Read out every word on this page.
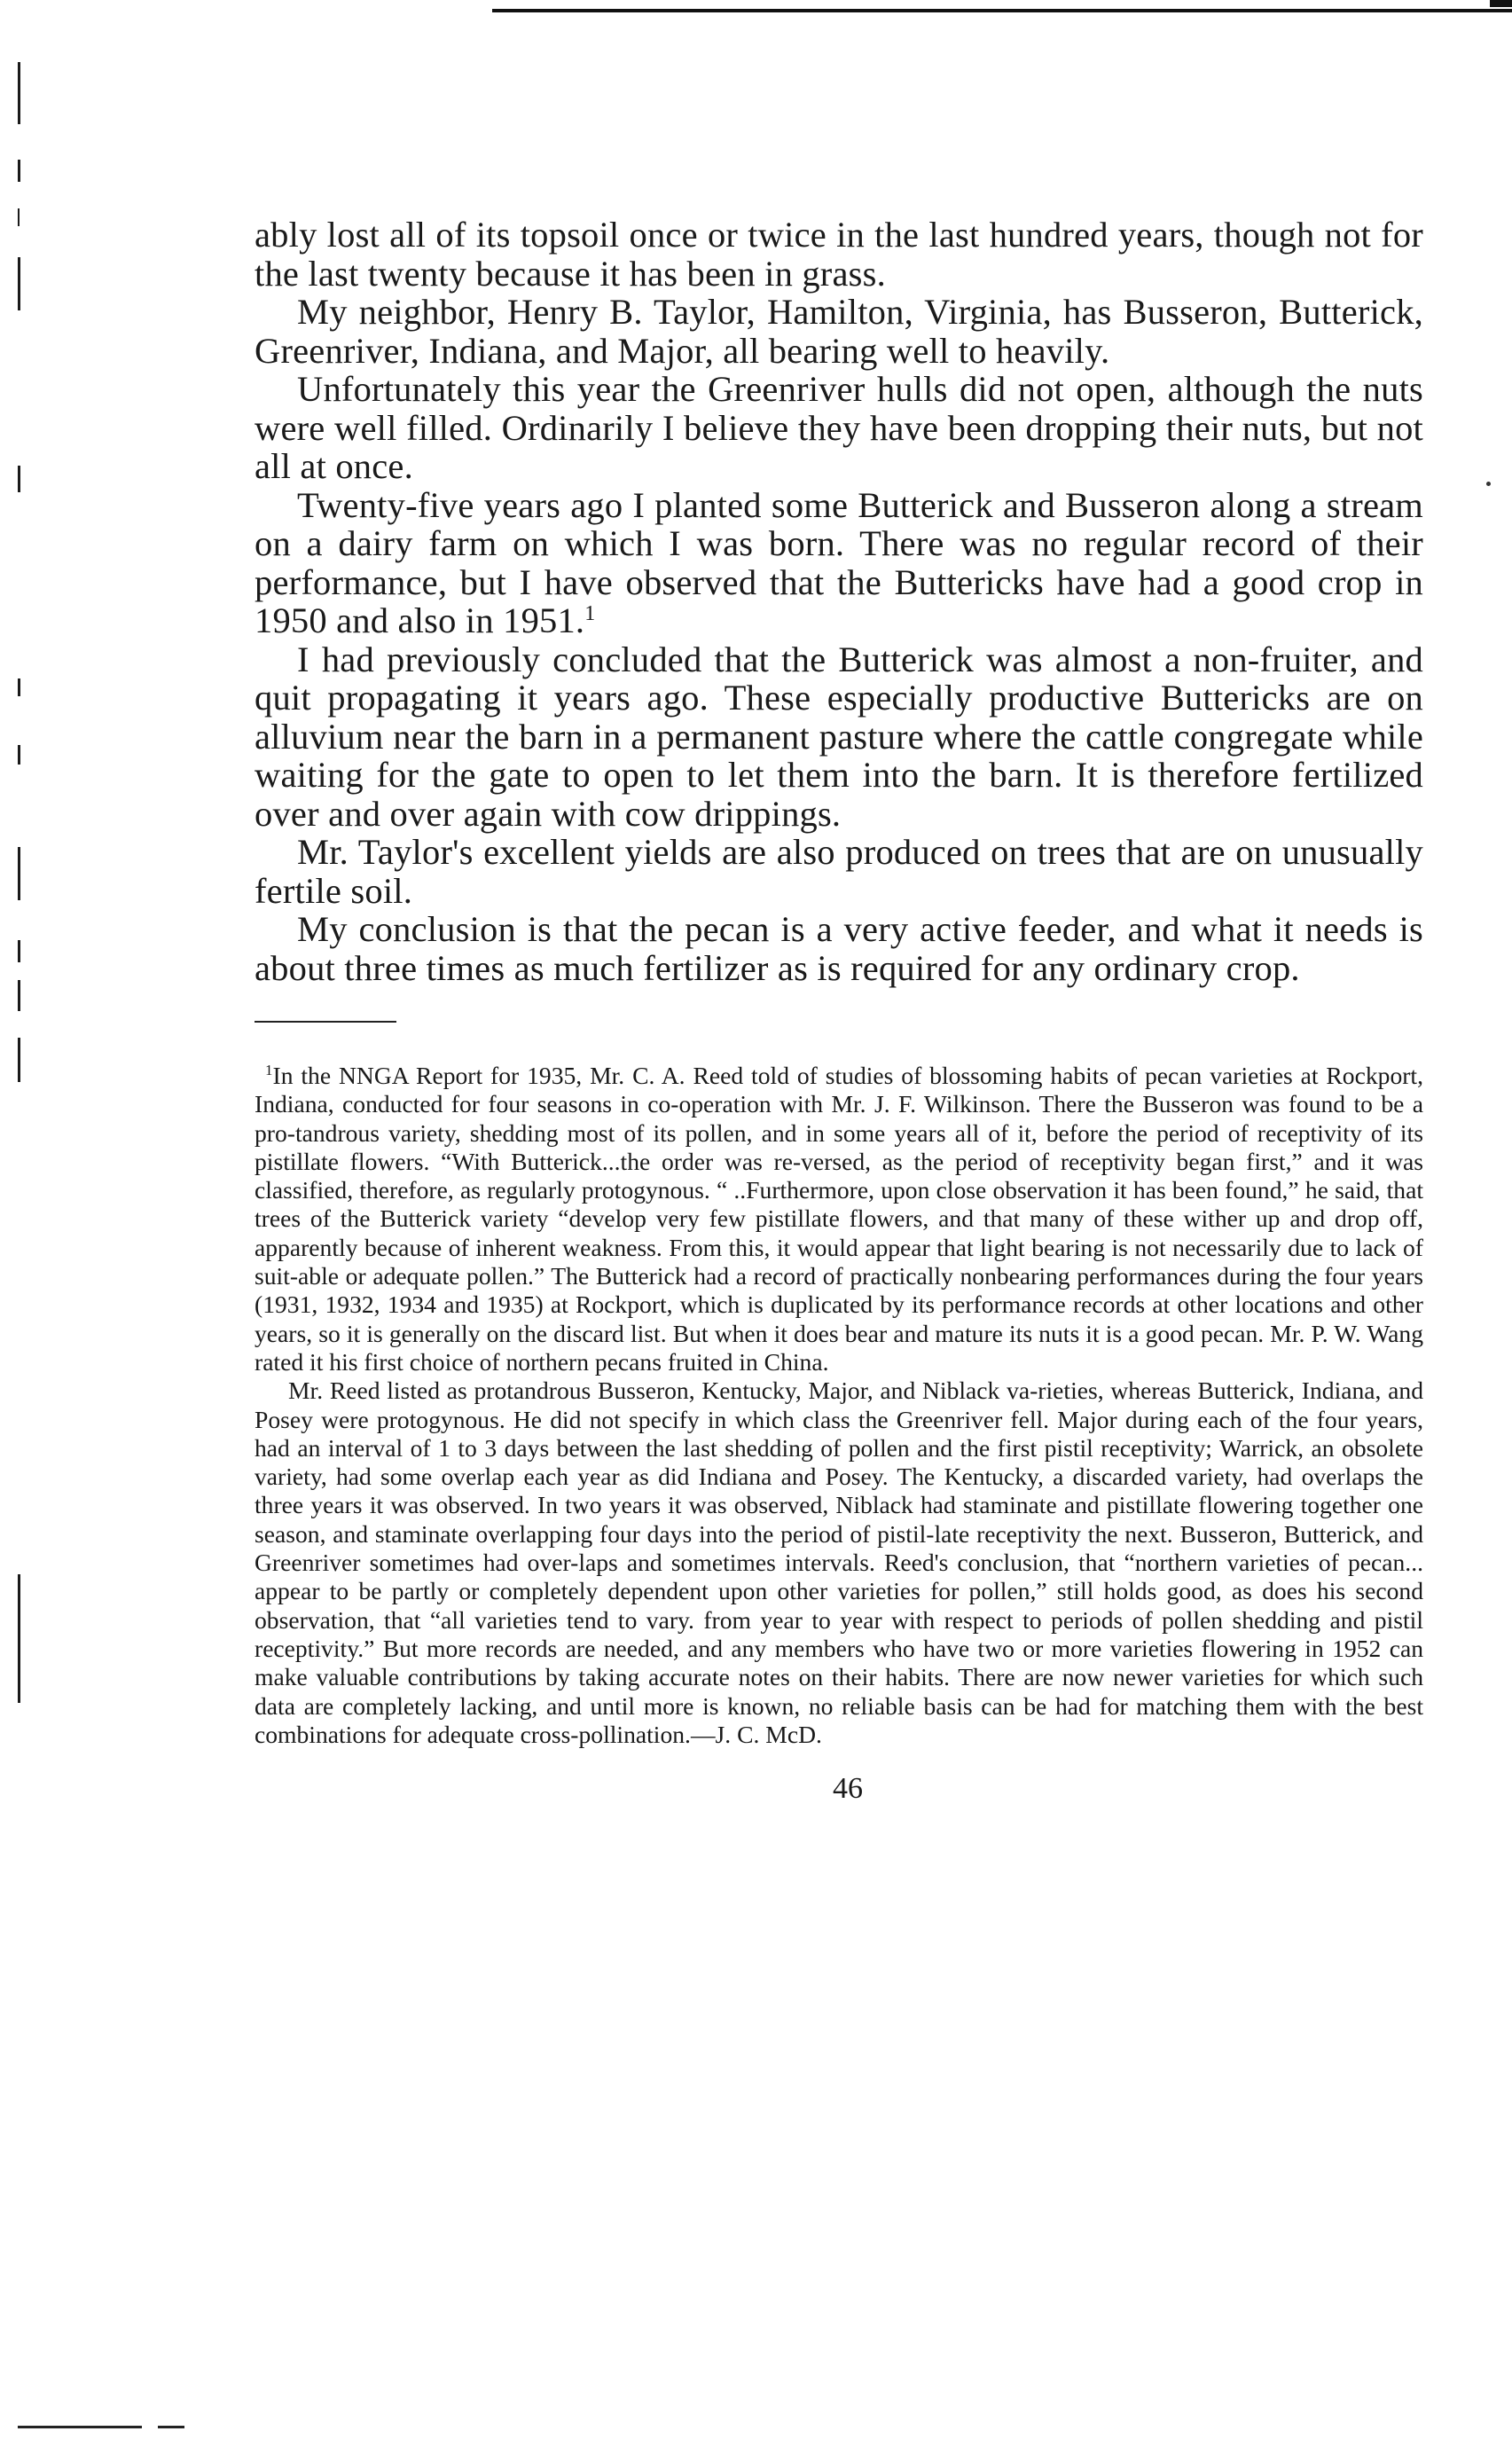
ably lost all of its topsoil once or twice in the last hundred years, though not for the last twenty because it has been in grass.

My neighbor, Henry B. Taylor, Hamilton, Virginia, has Busseron, Butterick, Greenriver, Indiana, and Major, all bearing well to heavily.

Unfortunately this year the Greenriver hulls did not open, although the nuts were well filled. Ordinarily I believe they have been dropping their nuts, but not all at once.

Twenty-five years ago I planted some Butterick and Busseron along a stream on a dairy farm on which I was born. There was no regular record of their performance, but I have observed that the Buttericks have had a good crop in 1950 and also in 1951.$^1$

I had previously concluded that the Butterick was almost a non-fruiter, and quit propagating it years ago. These especially productive Buttericks are on alluvium near the barn in a permanent pasture where the cattle congregate while waiting for the gate to open to let them into the barn. It is therefore fertilized over and over again with cow drippings.

Mr. Taylor's excellent yields are also produced on trees that are on unusually fertile soil.

My conclusion is that the pecan is a very active feeder, and what it needs is about three times as much fertilizer as is required for any ordinary crop.

$^1$In the NNGA Report for 1935, Mr. C. A. Reed told of studies of blossoming habits of pecan varieties at Rockport, Indiana, conducted for four seasons in co-operation with Mr. J. F. Wilkinson. There the Busseron was found to be a pro-tandrous variety, shedding most of its pollen, and in some years all of it, before the period of receptivity of its pistillate flowers. “With Butterick...the order was re-versed, as the period of receptivity began first,” and it was classified, therefore, as regularly protogynous. “ ..Furthermore, upon close observation it has been found,” he said, that trees of the Butterick variety “develop very few pistillate flowers, and that many of these wither up and drop off, apparently because of inherent weakness. From this, it would appear that light bearing is not necessarily due to lack of suit-able or adequate pollen.” The Butterick had a record of practically nonbearing performances during the four years (1931, 1932, 1934 and 1935) at Rockport, which is duplicated by its performance records at other locations and other years, so it is generally on the discard list. But when it does bear and mature its nuts it is a good pecan. Mr. P. W. Wang rated it his first choice of northern pecans fruited in China.

Mr. Reed listed as protandrous Busseron, Kentucky, Major, and Niblack va-rieties, whereas Butterick, Indiana, and Posey were protogynous. He did not specify in which class the Greenriver fell. Major during each of the four years, had an interval of 1 to 3 days between the last shedding of pollen and the first pistil receptivity; Warrick, an obsolete variety, had some overlap each year as did Indiana and Posey. The Kentucky, a discarded variety, had overlaps the three years it was observed. In two years it was observed, Niblack had staminate and pistillate flowering together one season, and staminate overlapping four days into the period of pistil-late receptivity the next. Busseron, Butterick, and Greenriver sometimes had over-laps and sometimes intervals. Reed's conclusion, that “northern varieties of pecan... appear to be partly or completely dependent upon other varieties for pollen,” still holds good, as does his second observation, that “all varieties tend to vary. from year to year with respect to periods of pollen shedding and pistil receptivity.” But more records are needed, and any members who have two or more varieties flowering in 1952 can make valuable contributions by taking accurate notes on their habits. There are now newer varieties for which such data are completely lacking, and until more is known, no reliable basis can be had for matching them with the best combinations for adequate cross-pollination.—J. C. McD.

46
